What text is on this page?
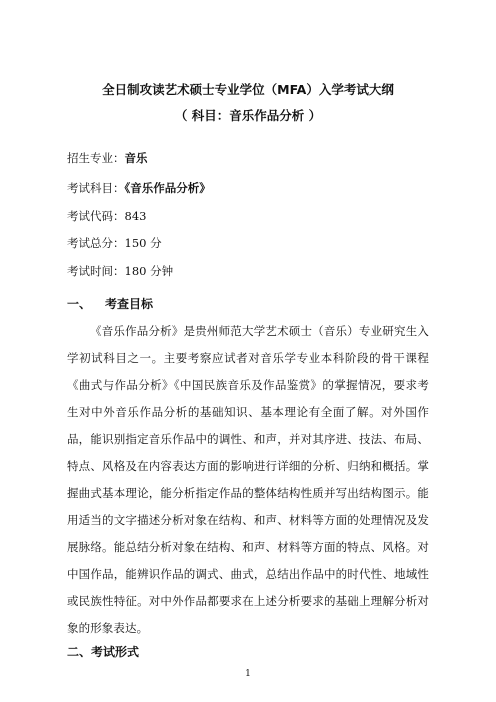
全日制攻读艺术硕士专业学位（MFA）入学考试大纲
（ 科目：音乐作品分析 ）
招生专业：音乐
考试科目：《音乐作品分析》
考试代码：843
考试总分：150 分
考试时间：180 分钟
一、 考查目标
《音乐作品分析》是贵州师范大学艺术硕士（音乐）专业研究生入学初试科目之一。主要考察应试者对音乐学专业本科阶段的骨干课程《曲式与作品分析》《中国民族音乐及作品鉴赏》的掌握情况，要求考生对中外音乐作品分析的基础知识、基本理论有全面了解。对外国作品，能识别指定音乐作品中的调性、和声，并对其序进、技法、布局、特点、风格及在内容表达方面的影响进行详细的分析、归纳和概括。掌握曲式基本理论，能分析指定作品的整体结构性质并写出结构图示。能用适当的文字描述分析对象在结构、和声、材料等方面的处理情况及发展脉络。能总结分析对象在结构、和声、材料等方面的特点、风格。对中国作品，能辨识作品的调式、曲式，总结出作品中的时代性、地域性或民族性特征。对中外作品都要求在上述分析要求的基础上理解分析对象的形象表达。
二、考试形式
1
